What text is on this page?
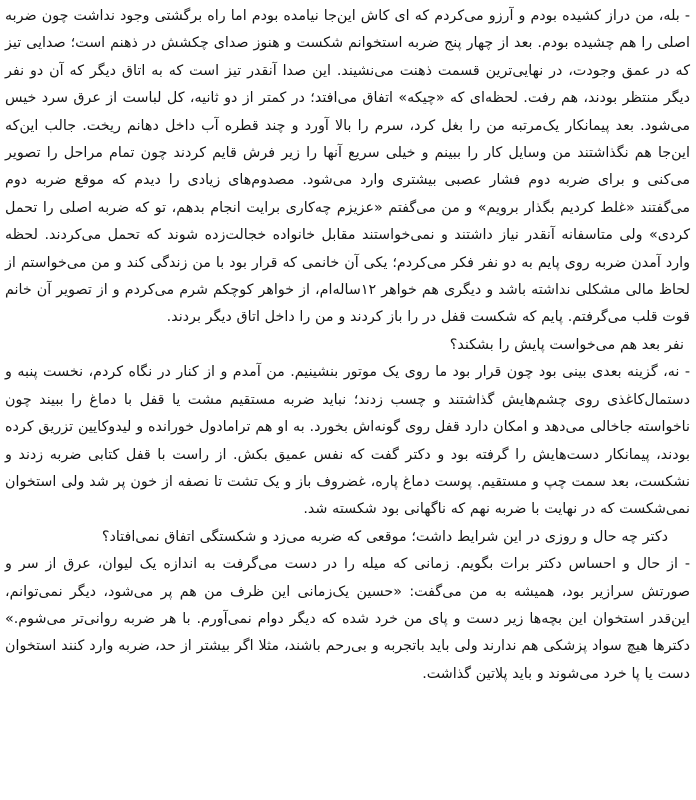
- بله، من دراز کشیده بودم و آرزو می‌کردم که ای کاش این‌جا نیامده بودم اما راه برگشتی وجود نداشت چون ضربه اصلی را هم چشیده بودم. بعد از چهار پنج ضربه استخوانم شکست و هنوز صدای چکشش در ذهنم است؛ صدایی تیز که در عمق وجودت، در نهایی‌ترین قسمت ذهنت می‌نشیند. این صدا آنقدر تیز است که به اتاق دیگر که آن دو نفر دیگر منتظر بودند، هم رفت. لحظه‌ای که «چیکه» اتفاق می‌افتد؛ در کمتر از دو ثانیه، کل لباست از عرق سرد خیس می‌شود. بعد پیمانکار یک‌مرتبه من را بغل کرد، سرم را بالا آورد و چند قطره آب داخل دهانم ریخت. جالب این‌که این‌جا هم نگذاشتند من وسایل کار را ببینم و خیلی سریع آنها را زیر فرش قایم کردند چون تمام مراحل را تصویر می‌کنی و برای ضربه دوم فشار عصبی بیشتری وارد می‌شود. مصدوم‌های زیادی را دیدم که موقع ضربه دوم می‌گفتند «غلط کردیم بگذار برویم» و من می‌گفتم «عزیزم چه‌کاری برایت انجام بدهم، تو که ضربه اصلی را تحمل کردی» ولی متاسفانه آنقدر نیاز داشتند و نمی‌خواستند مقابل خانواده خجالت‌زده شوند که تحمل می‌کردند. لحظه وارد آمدن ضربه روی پایم به دو نفر فکر می‌کردم؛ یکی آن خانمی که قرار بود با من زندگی کند و من می‌خواستم از لحاظ مالی مشکلی نداشته باشد و دیگری هم خواهر ۱۲ساله‌ام، از خواهر کوچکم شرم می‌کردم و از تصویر آن خانم قوت قلب می‌گرفتم. پایم که شکست قفل در را باز کردند و من را داخل اتاق دیگر بردند.

نفر بعد هم می‌خواست پایش را بشکند؟

- نه، گزینه بعدی بینی بود چون قرار بود ما روی یک موتور بنشینیم. من آمدم و از کنار در نگاه کردم، نخست پنبه و دستمال‌کاغذی روی چشم‌هایش گذاشتند و چسب زدند؛ نباید ضربه مستقیم مشت یا قفل با دماغ را ببیند چون ناخواسته جاخالی می‌دهد و امکان دارد قفل روی گونه‌اش بخورد. به او هم ترامادول خورانده و لیدوکایین تزریق کرده بودند، پیمانکار دست‌هایش را گرفته بود و دکتر گفت که نفس عمیق بکش. از راست با قفل کتابی ضربه زدند و نشکست، بعد سمت چپ و مستقیم. پوست دماغ پاره، غضروف باز و یک تشت تا نصفه از خون پر شد ولی استخوان نمی‌شکست که در نهایت با ضربه نهم که ناگهانی بود شکسته شد.

دکتر چه حال و روزی در این شرایط داشت؛ موقعی که ضربه می‌زد و شکستگی اتفاق نمی‌افتاد؟

- از حال و احساس دکتر برات بگویم. زمانی که میله را در دست می‌گرفت به اندازه یک لیوان، عرق از سر و صورتش سرازیر بود، همیشه به من می‌گفت: «حسین یک‌زمانی این ظرف من هم پر می‌شود، دیگر نمی‌توانم، این‌قدر استخوان این بچه‌ها زیر دست و پای من خرد شده که دیگر دوام نمی‌آورم. با هر ضربه روانی‌تر می‌شوم.» دکترها هیچ سواد پزشکی هم ندارند ولی باید باتجربه و بی‌رحم باشند، مثلا اگر بیشتر از حد، ضربه وارد کنند استخوان دست یا پا خرد می‌شوند و باید پلاتین گذاشت.
